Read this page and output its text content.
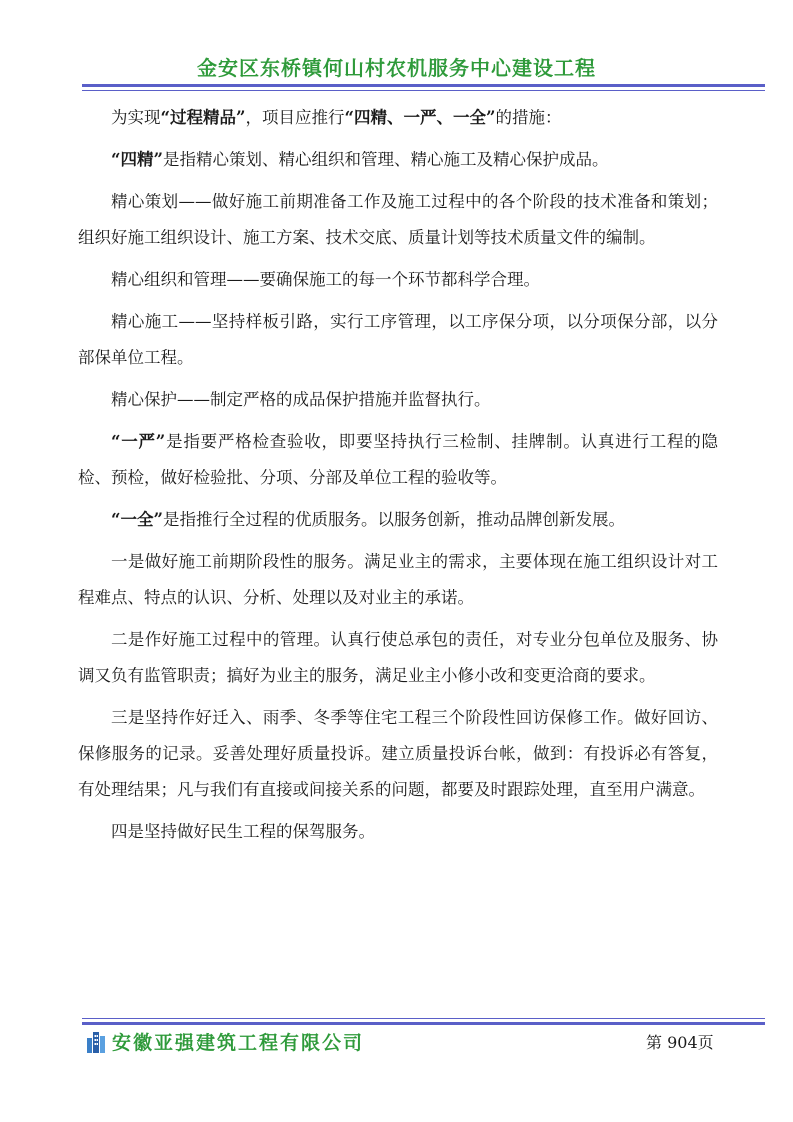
金安区东桥镇何山村农机服务中心建设工程

为实现“过程精品”，项目应推行“四精、一严、一全”的措施：

“四精”是指精心策划、精心组织和管理、精心施工及精心保护成品。

精心策划——做好施工前期准备工作及施工过程中的各个阶段的技术准备和策划；组织好施工组织设计、施工方案、技术交底、质量计划等技术质量文件的编制。

精心组织和管理——要确保施工的每一个环节都科学合理。

精心施工——坚持样板引路，实行工序管理，以工序保分项，以分项保分部，以分部保单位工程。

精心保护——制定严格的成品保护措施并监督执行。

“一严”是指要严格检查验收，即要坚持执行三检制、挂牌制。认真进行工程的隐检、预检，做好检验批、分项、分部及单位工程的验收等。

“一全”是指推行全过程的优质服务。以服务创新，推动品牌创新发展。

一是做好施工前期阶段性的服务。满足业主的需求，主要体现在施工组织设计对工程难点、特点的认识、分析、处理以及对业主的承诺。

二是作好施工过程中的管理。认真行使总承包的责任，对专业分包单位及服务、协调又负有监管职责；搞好为业主的服务，满足业主小修小改和变更洽商的要求。

三是坚持作好迁入、雨季、冬季等住宅工程三个阶段性回访保修工作。做好回访、保修服务的记录。妥善处理好质量投诉。建立质量投诉台帐，做到：有投诉必有答复，有处理结果；凡与我们有直接或间接关系的问题，都要及时跟踪处理，直至用户满意。

四是坚持做好民生工程的保驾服务。

安徽亚强建筑工程有限公司	第 904页
